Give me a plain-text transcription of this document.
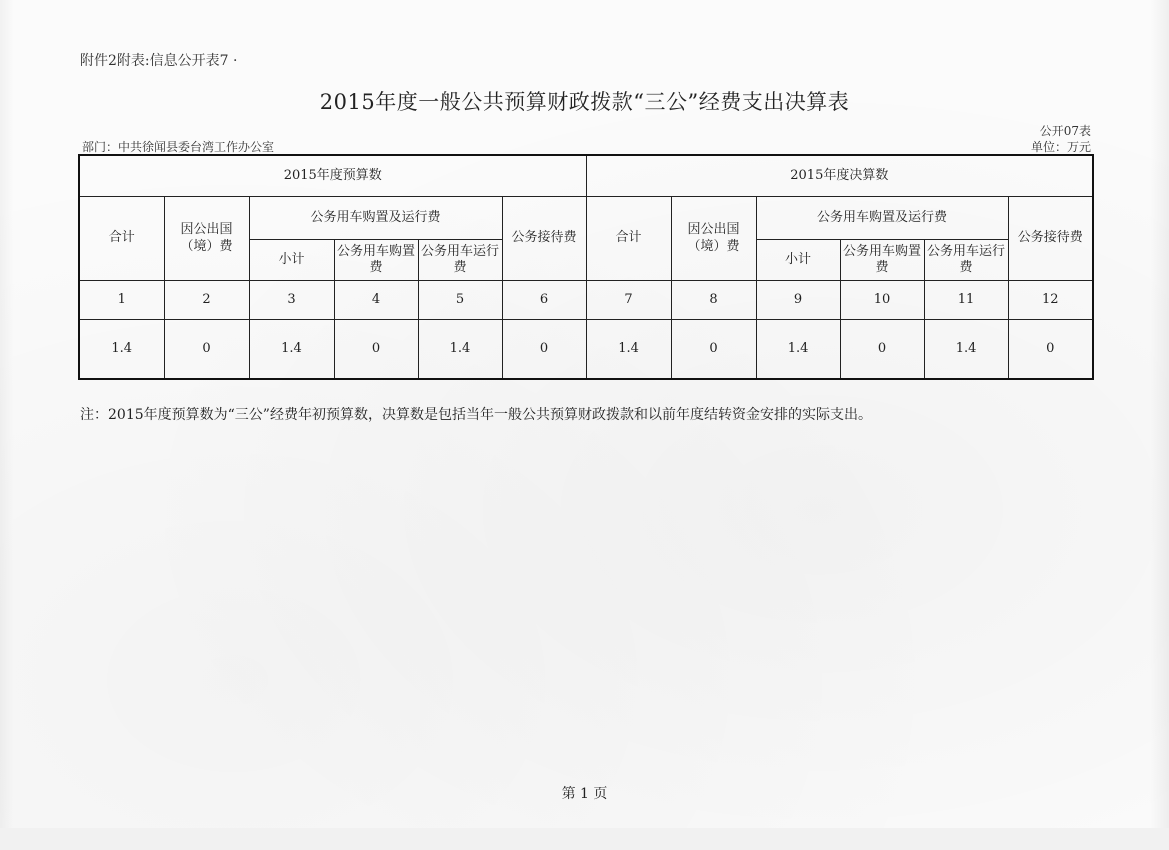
附件2附表:信息公开表7 ·
2015年度一般公共预算财政拨款“三公”经费支出决算表
公开07表
单位：万元
部门：中共徐闻县委台湾工作办公室
2015年度预算数						2015年度决算数					
合计	因公出国（境）费	公务用车购置及运行费			公务接待费	合计	因公出国（境）费	公务用车购置及运行费			公务接待费
		小计	公务用车购置费	公务用车运行费				小计	公务用车购置费	公务用车运行费	
1	2	3	4	5	6	7	8	9	10	11	12
1.4	0	1.4	0	1.4	0	1.4	0	1.4	0	1.4	0
注：2015年度预算数为“三公”经费年初预算数，决算数是包括当年一般公共预算财政拨款和以前年度结转资金安排的实际支出。
第 1 页
